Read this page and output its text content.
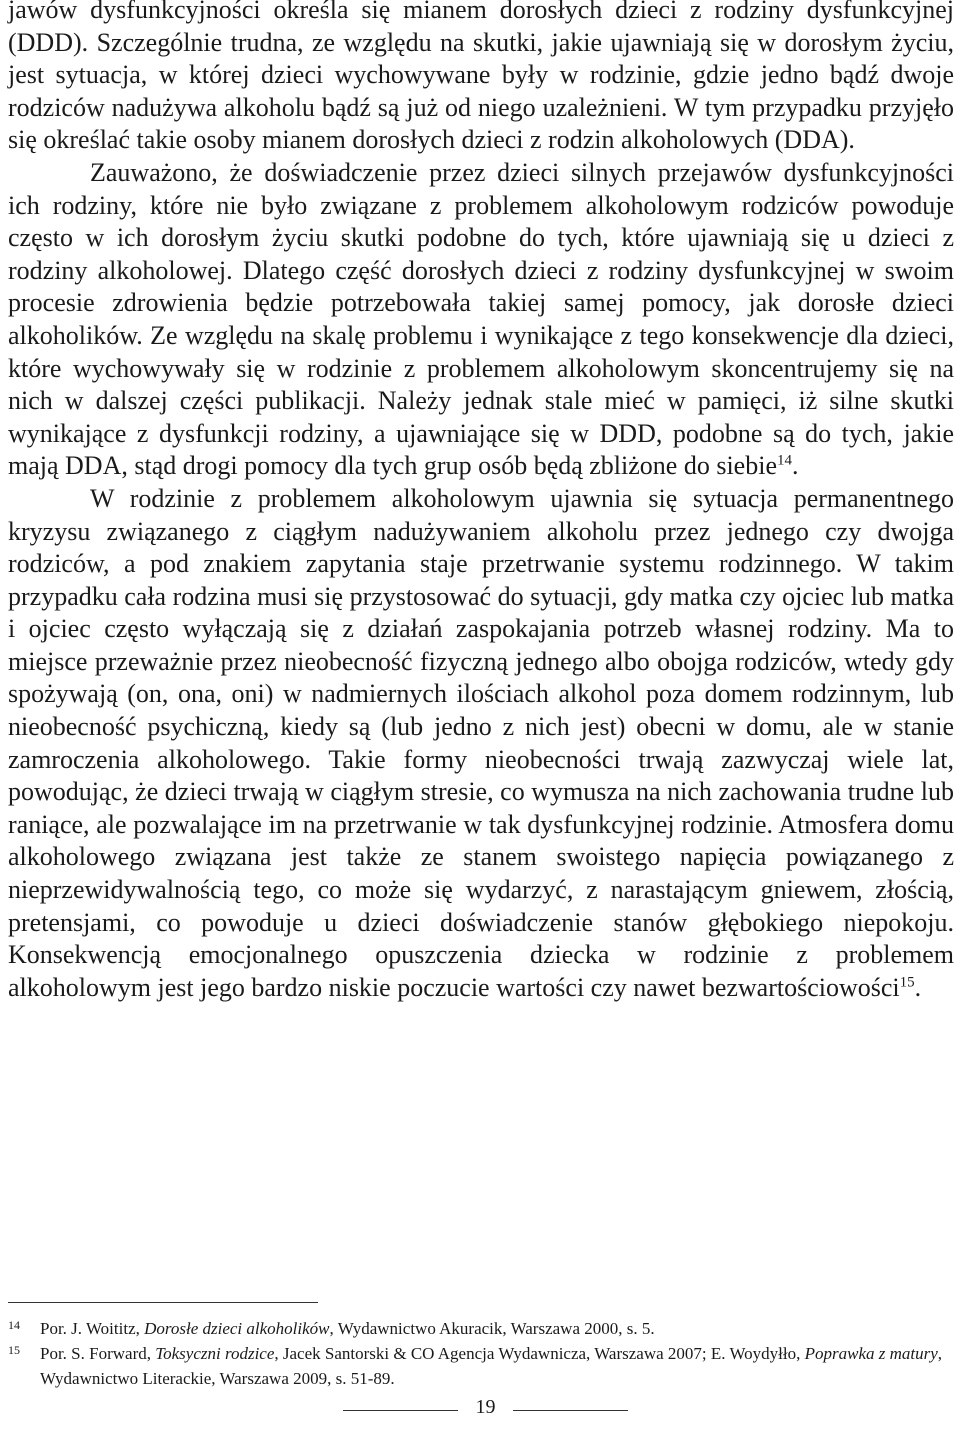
jawów dysfunkcyjności określa się mianem dorosłych dzieci z rodziny dysfunkcyjnej (DDD). Szczególnie trudna, ze względu na skutki, jakie ujawniają się w dorosłym życiu, jest sytuacja, w której dzieci wychowywane były w rodzinie, gdzie jedno bądź dwoje rodziców nadużywa alkoholu bądź są już od niego uzależnieni. W tym przypadku przyjęło się określać takie osoby mianem dorosłych dzieci z rodzin alkoholowych (DDA).

Zauważono, że doświadczenie przez dzieci silnych przejawów dysfunkcyjności ich rodziny, które nie było związane z problemem alkoholowym rodziców powoduje często w ich dorosłym życiu skutki podobne do tych, które ujawniają się u dzieci z rodziny alkoholowej. Dlatego część dorosłych dzieci z rodziny dysfunkcyjnej w swoim procesie zdrowienia będzie potrzebowała takiej samej pomocy, jak dorosłe dzieci alkoholików. Ze względu na skalę problemu i wynikające z tego konsekwencje dla dzieci, które wychowywały się w rodzinie z problemem alkoholowym skoncentrujemy się na nich w dalszej części publikacji. Należy jednak stale mieć w pamięci, iż silne skutki wynikające z dysfunkcji rodziny, a ujawniające się w DDD, podobne są do tych, jakie mają DDA, stąd drogi pomocy dla tych grup osób będą zbliżone do siebie$^{14}$.

W rodzinie z problemem alkoholowym ujawnia się sytuacja permanentnego kryzysu związanego z ciągłym nadużywaniem alkoholu przez jednego czy dwojga rodziców, a pod znakiem zapytania staje przetrwanie systemu rodzinnego. W takim przypadku cała rodzina musi się przystosować do sytuacji, gdy matka czy ojciec lub matka i ojciec często wyłączają się z działań zaspokajania potrzeb własnej rodziny. Ma to miejsce przeważnie przez nieobecność fizyczną jednego albo obojga rodziców, wtedy gdy spożywają (on, ona, oni) w nadmiernych ilościach alkohol poza domem rodzinnym, lub nieobecność psychiczną, kiedy są (lub jedno z nich jest) obecni w domu, ale w stanie zamroczenia alkoholowego. Takie formy nieobecności trwają zazwyczaj wiele lat, powodując, że dzieci trwają w ciągłym stresie, co wymusza na nich zachowania trudne lub raniące, ale pozwalające im na przetrwanie w tak dysfunkcyjnej rodzinie. Atmosfera domu alkoholowego związana jest także ze stanem swoistego napięcia powiązanego z nieprzewidywalnością tego, co może się wydarzyć, z narastającym gniewem, złością, pretensjami, co powoduje u dzieci doświadczenie stanów głębokiego niepokoju. Konsekwencją emocjonalnego opuszczenia dziecka w rodzinie z problemem alkoholowym jest jego bardzo niskie poczucie wartości czy nawet bezwartościowości$^{15}$.

14 Por. J. Woititz, Dorosłe dzieci alkoholików, Wydawnictwo Akuracik, Warszawa 2000, s. 5.

15 Por. S. Forward, Toksyczni rodzice, Jacek Santorski & CO Agencja Wydawnicza, Warszawa 2007; E. Woydyłło, Poprawka z matury, Wydawnictwo Literackie, Warszawa 2009, s. 51-89.

19
